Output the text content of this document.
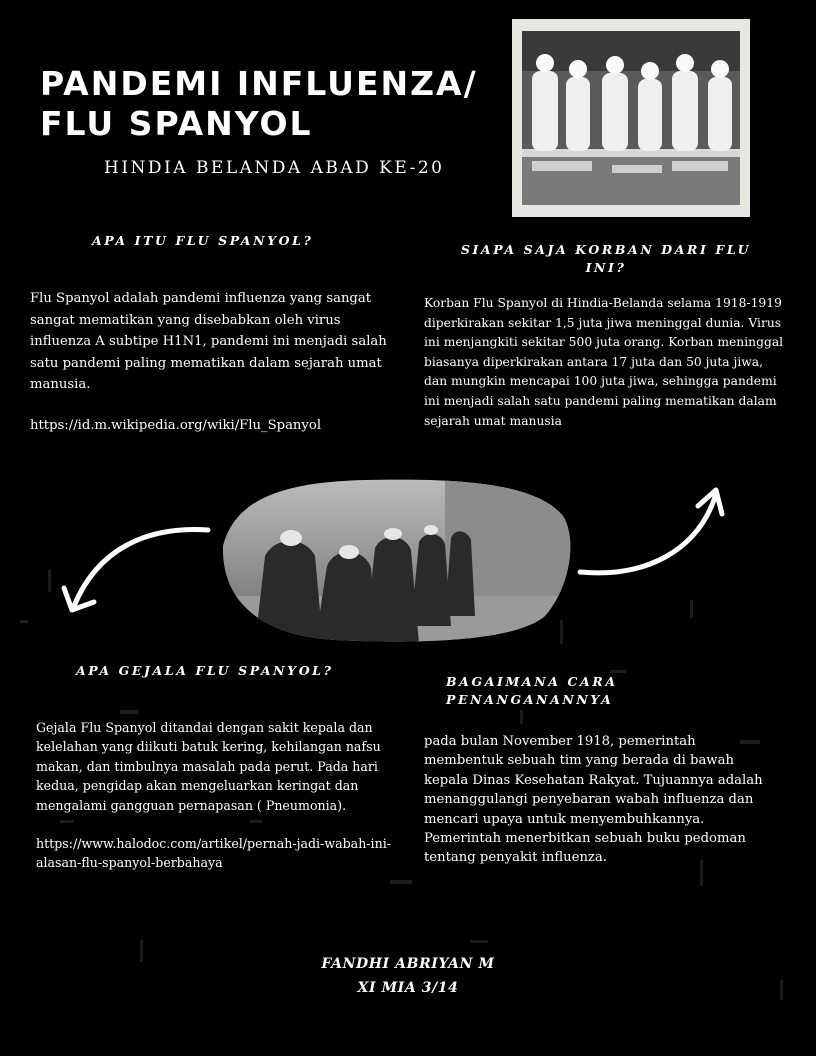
PANDEMI INFLUENZA/ FLU SPANYOL

HINDIA BELANDA ABAD KE-20

APA ITU FLU SPANYOL?
Flu Spanyol adalah pandemi influenza yang sangat sangat mematikan yang disebabkan oleh virus influenza A subtipe H1N1, pandemi ini menjadi salah satu pandemi paling mematikan dalam sejarah umat manusia.
https://id.m.wikipedia.org/wiki/Flu_Spanyol
SIAPA SAJA KORBAN DARI FLU INI?
Korban Flu Spanyol di Hindia-Belanda selama 1918-1919 diperkirakan sekitar 1,5 juta jiwa meninggal dunia. Virus ini menjangkiti sekitar 500 juta orang. Korban meninggal biasanya diperkirakan antara 17 juta dan 50 juta jiwa, dan mungkin mencapai 100 juta jiwa, sehingga pandemi ini menjadi salah satu pandemi paling mematikan dalam sejarah umat manusia
APA GEJALA FLU SPANYOL?
Gejala Flu Spanyol ditandai dengan sakit kepala dan kelelahan yang diikuti batuk kering, kehilangan nafsu makan, dan timbulnya masalah pada perut. Pada hari kedua, pengidap akan mengeluarkan keringat dan mengalami gangguan pernapasan ( Pneumonia).
https://www.halodoc.com/artikel/pernah-jadi-wabah-ini-alasan-flu-spanyol-berbahaya
BAGAIMANA CARA PENANGANANNYA
pada bulan November 1918, pemerintah membentuk sebuah tim yang berada di bawah kepala Dinas Kesehatan Rakyat. Tujuannya adalah menanggulangi penyebaran wabah influenza dan mencari upaya untuk menyembuhkannya. Pemerintah menerbitkan sebuah buku pedoman tentang penyakit influenza.
FANDHI ABRIYAN M
XI MIA 3/14
